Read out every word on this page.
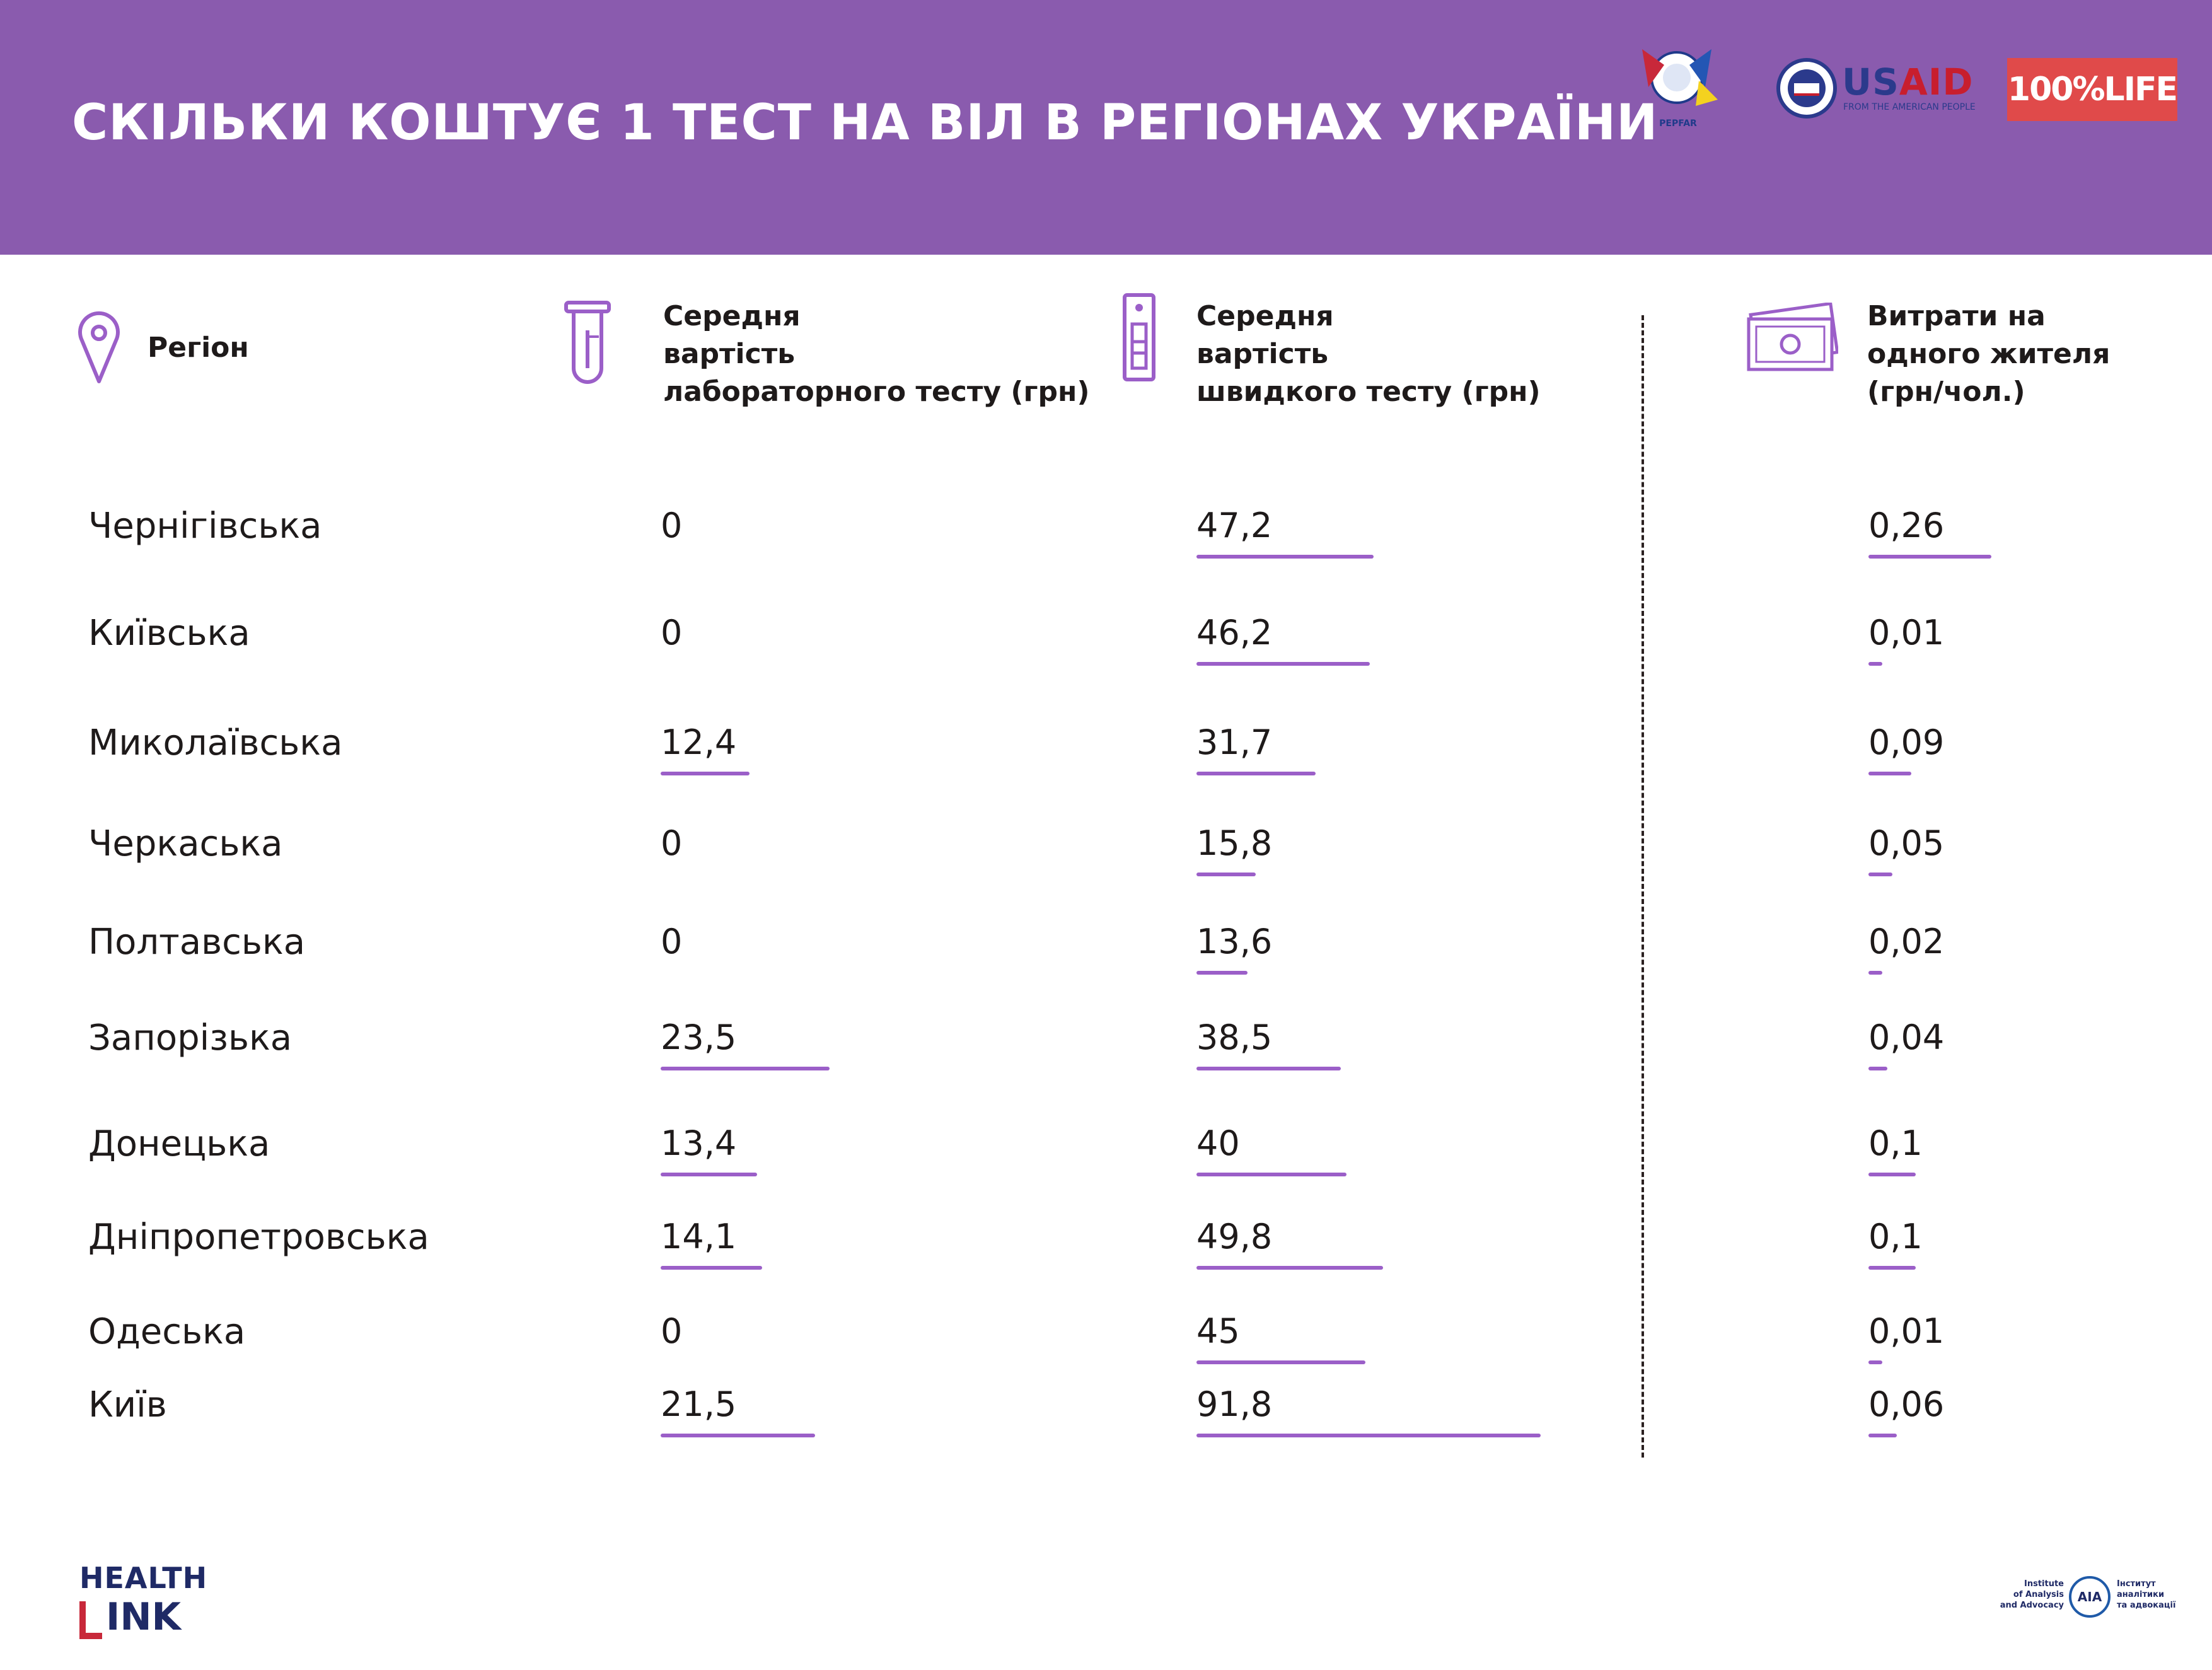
СКІЛЬКИ КОШТУЄ 1 ТЕСТ НА ВІЛ В РЕГІОНАХ УКРАЇНИ PEPFAR
USAID
FROM THE AMERICAN PEOPLE 100%LIFE
Регіон
Середня
вартість
лабораторного тесту (грн)
Середня
вартість
швидкого тесту (грн)
Витрати на
одного жителя
(грн/чол.)
Чернігівська	0	47,2	0,26
Київська	0	46,2	0,01
Миколаївська	12,4	31,7	0,09
Черкаська	0	15,8	0,05
Полтавська	0	13,6	0,02
Запорізька	23,5	38,5	0,04
Донецька	13,4	40	0,1
Дніпропетровська	14,1	49,8	0,1
Одеська	0	45	0,01
Київ	21,5	91,8	0,06
HEALTH
INK
Institute
of Analysis
and Advocacy
AIA
Інститут
аналітики
та адвокації
